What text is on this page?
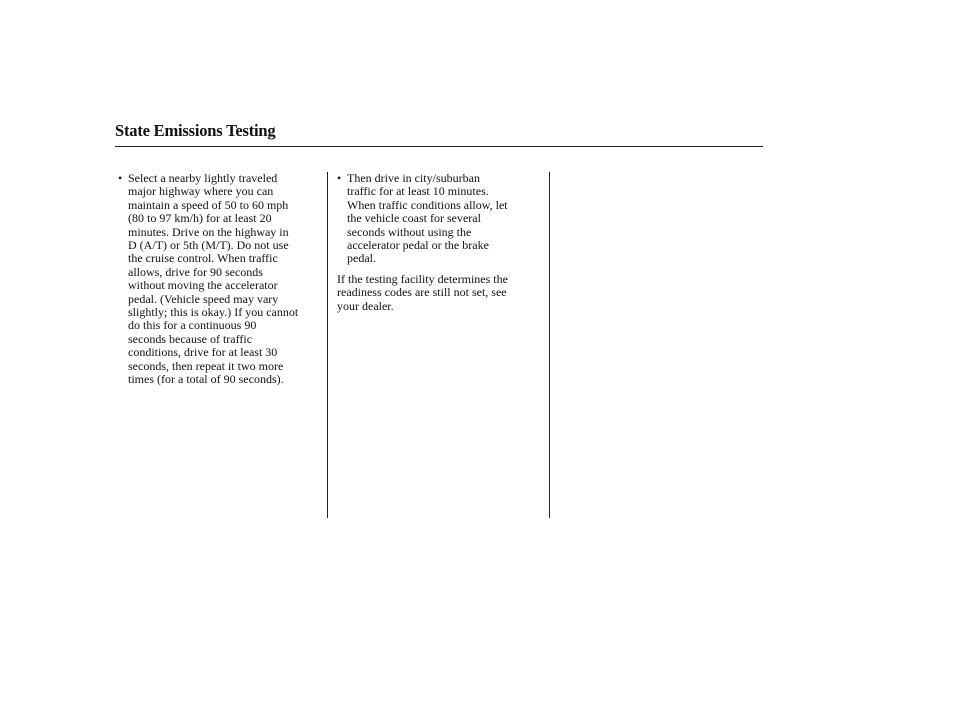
State Emissions Testing
• Select a nearby lightly traveled
major highway where you can
maintain a speed of 50 to 60 mph
(80 to 97 km/h) for at least 20
minutes. Drive on the highway in
D (A/T) or 5th (M/T). Do not use
the cruise control. When traffic
allows, drive for 90 seconds
without moving the accelerator
pedal. (Vehicle speed may vary
slightly; this is okay.) If you cannot
do this for a continuous 90
seconds because of traffic
conditions, drive for at least 30
seconds, then repeat it two more
times (for a total of 90 seconds).
• Then drive in city/suburban
traffic for at least 10 minutes.
When traffic conditions allow, let
the vehicle coast for several
seconds without using the
accelerator pedal or the brake
pedal.

If the testing facility determines the
readiness codes are still not set, see
your dealer.
